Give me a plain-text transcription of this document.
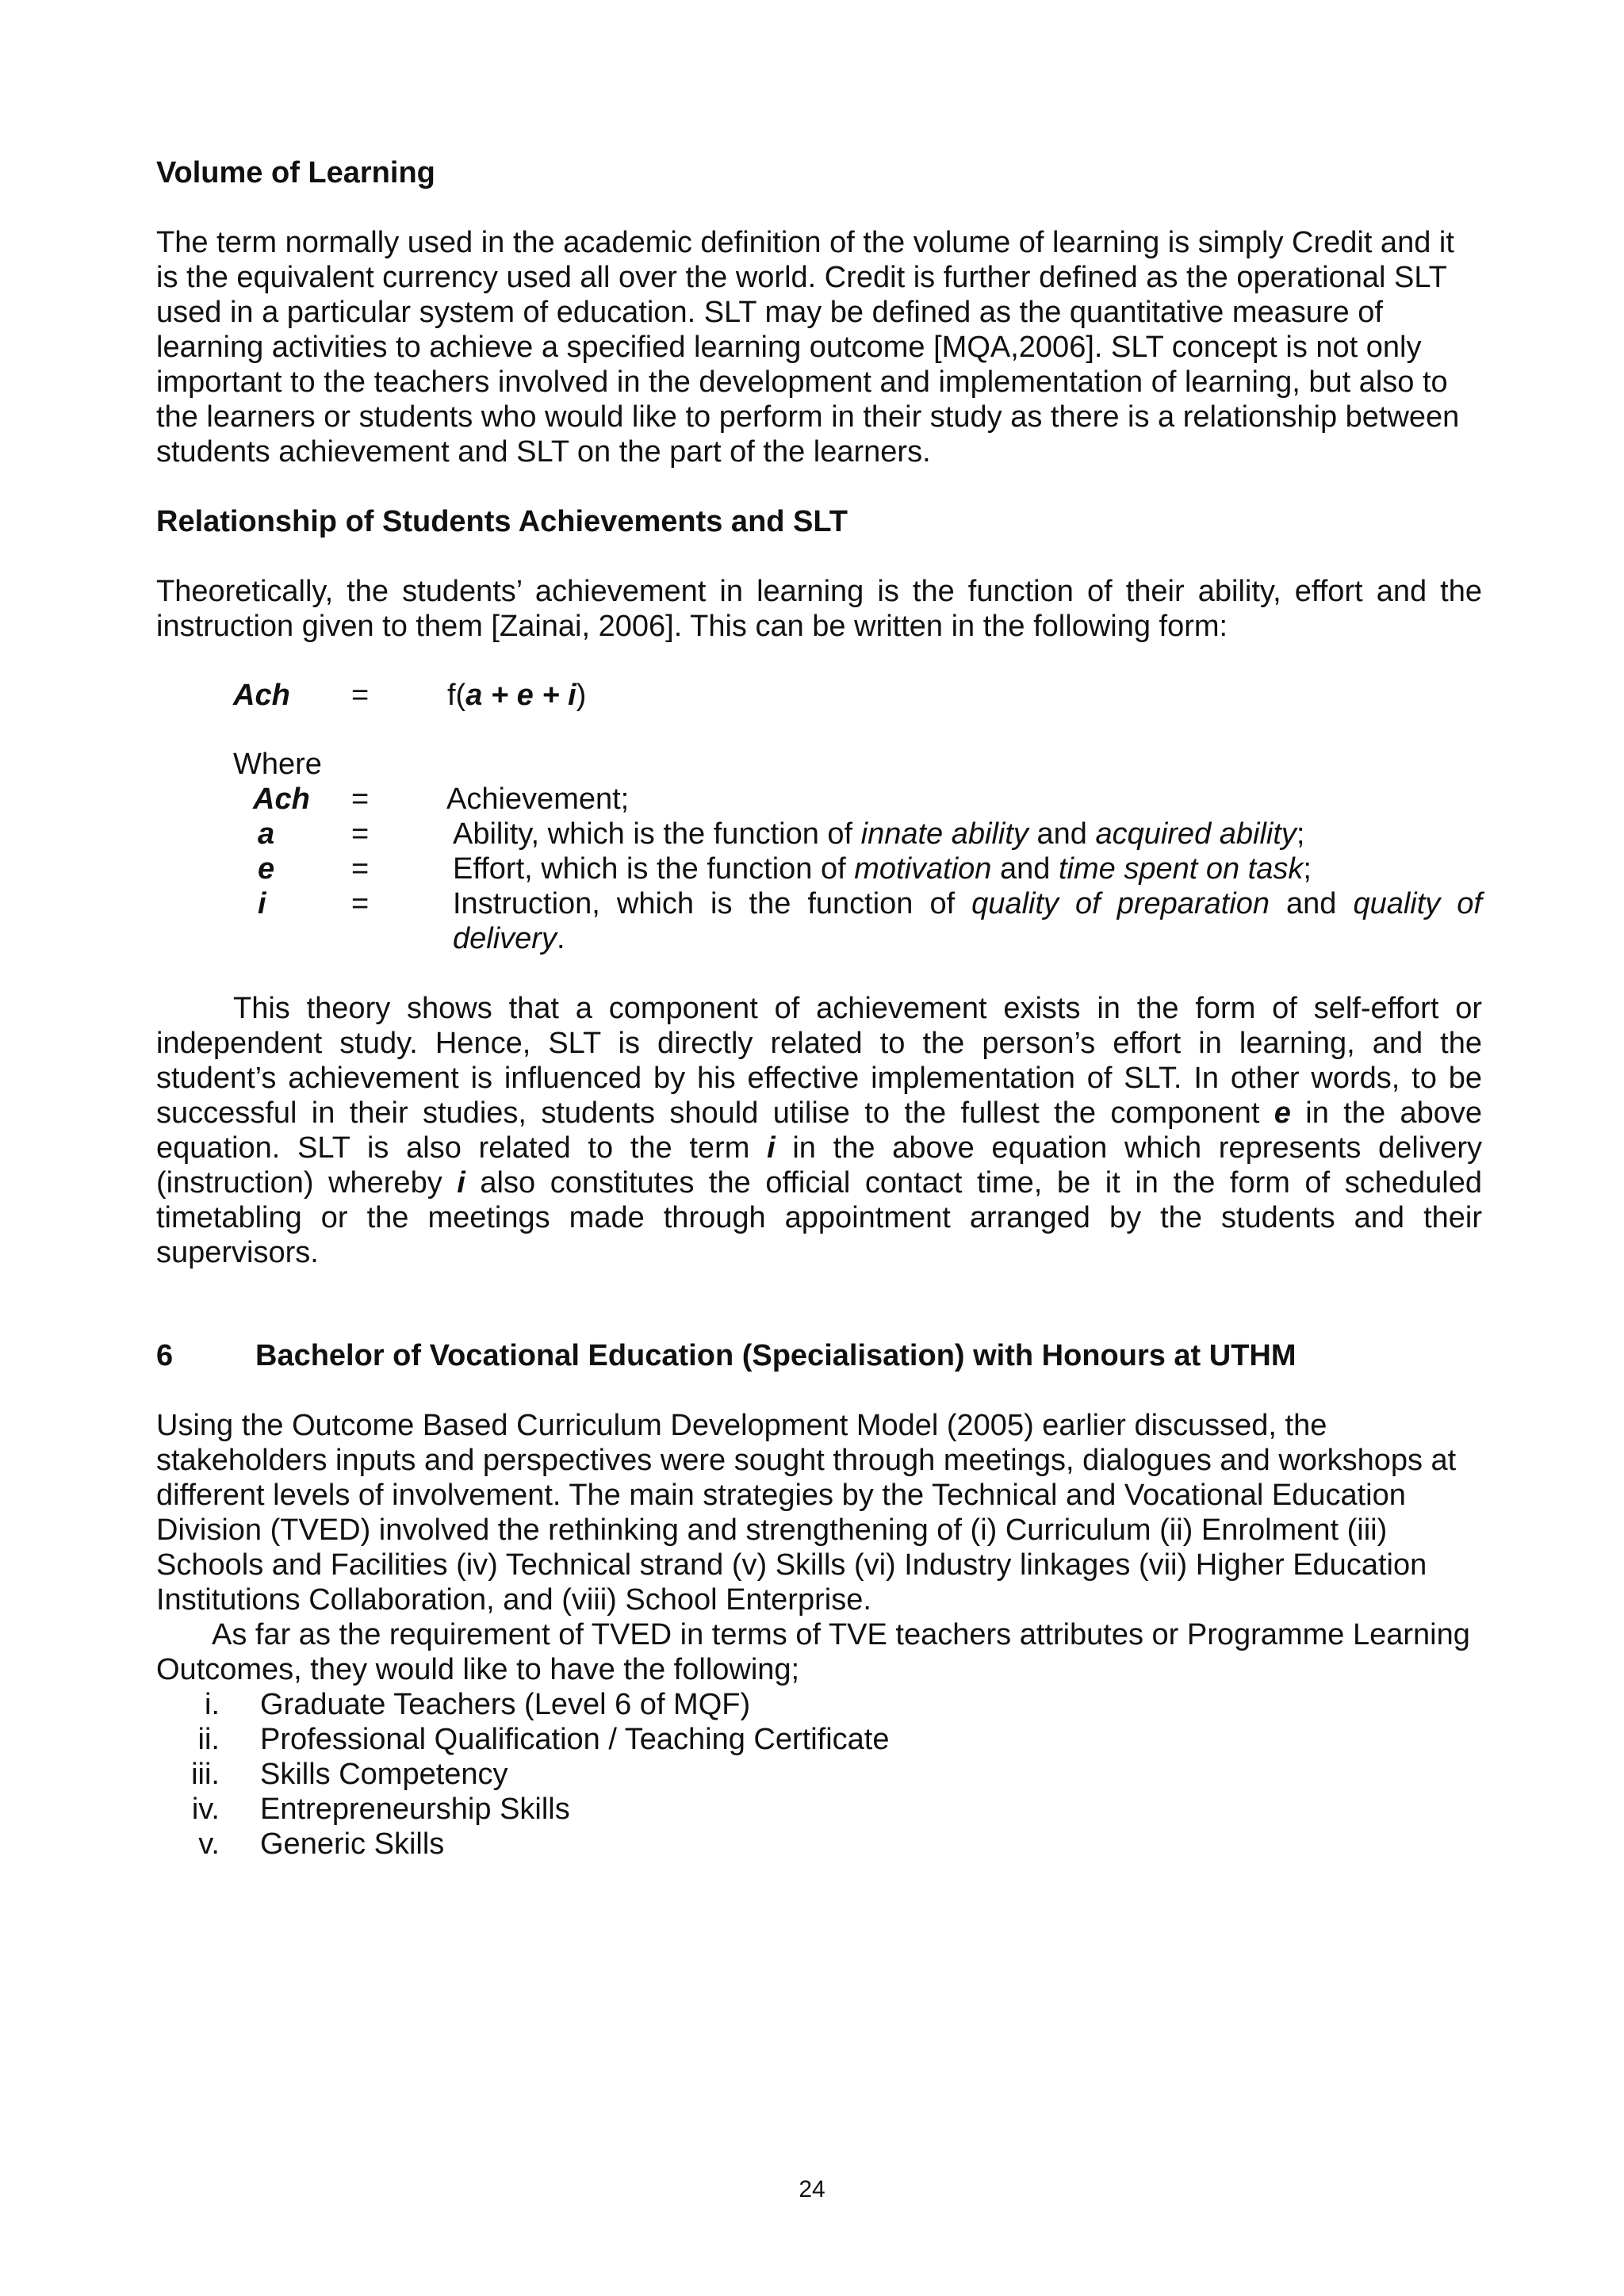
Volume of Learning
The term normally used in the academic definition of the volume of learning is simply Credit and it is the equivalent currency used all over the world. Credit is further defined as the operational SLT used in a particular system of education. SLT may be defined as the quantitative measure of learning activities to achieve a specified learning outcome [MQA,2006]. SLT concept is not only important to the teachers involved in the development and implementation of learning, but also to the learners or students who would like to perform in their study as there is a relationship between students achievement and SLT on the part of the learners.
Relationship of Students Achievements and SLT
Theoretically, the students’ achievement in learning is the function of their ability, effort and the instruction given to them [Zainai, 2006]. This can be written in the following form:
Ach =	f(a + e + i)
Where
Ach =	Achievement;
a	=	Ability, which is the function of innate ability and acquired ability;
e	=	Effort, which is the function of motivation and time spent on task;
i	=	Instruction, which is the function of quality of preparation and quality of delivery.
This theory shows that a component of achievement exists in the form of self-effort or independent study. Hence, SLT is directly related to the person’s effort in learning, and the student’s achievement is influenced by his effective implementation of SLT. In other words, to be successful in their studies, students should utilise to the fullest the component e in the above equation. SLT is also related to the term i in the above equation which represents delivery (instruction) whereby i also constitutes the official contact time, be it in the form of scheduled timetabling or the meetings made through appointment arranged by the students and their supervisors.
6	Bachelor of Vocational Education (Specialisation) with Honours at UTHM
Using the Outcome Based Curriculum Development Model (2005) earlier discussed, the stakeholders inputs and perspectives were sought through meetings, dialogues and workshops at different levels of involvement. The main strategies by the Technical and Vocational Education Division (TVED) involved the rethinking and strengthening of (i) Curriculum (ii) Enrolment (iii) Schools and Facilities (iv) Technical strand (v) Skills (vi) Industry linkages (vii) Higher Education Institutions Collaboration, and (viii) School Enterprise.
As far as the requirement of TVED in terms of TVE teachers attributes or Programme Learning Outcomes, they would like to have the following;
i. Graduate Teachers (Level 6 of MQF)
ii. Professional Qualification / Teaching Certificate
iii. Skills Competency
iv. Entrepreneurship Skills
v. Generic Skills
24
